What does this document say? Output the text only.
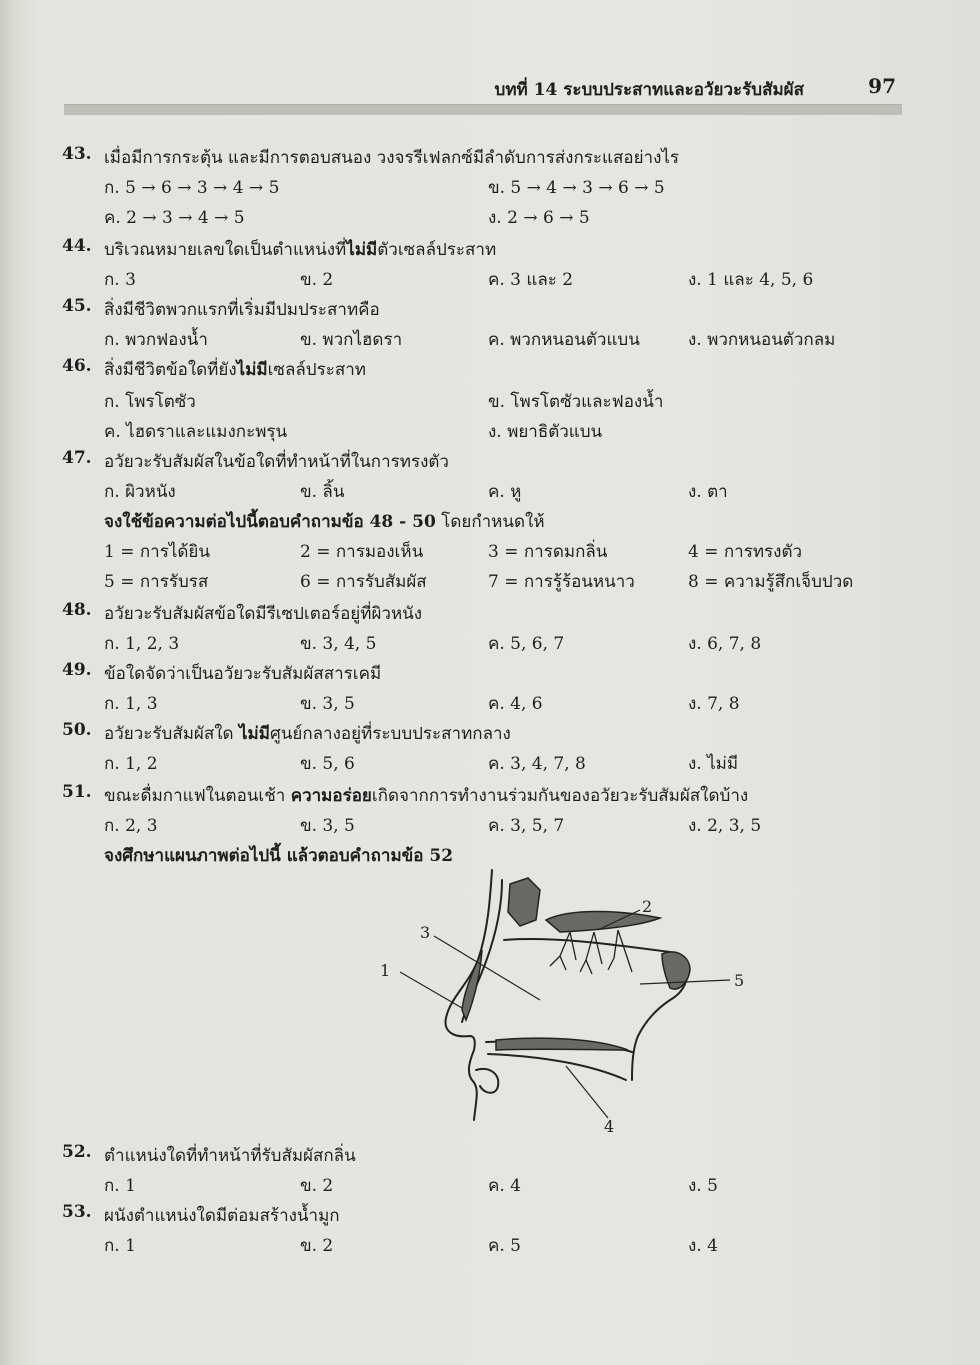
บทที่ 14 ระบบประสาทและอวัยวะรับสัมผัส	97
43. เมื่อมีการกระตุ้น และมีการตอบสนอง วงจรรีเฟลกซ์มีลำดับการส่งกระแสอย่างไร
ก. 5 → 6 → 3 → 4 → 5	ข. 5 → 4 → 3 → 6 → 5
ค. 2 → 3 → 4 → 5	ง. 2 → 6 → 5
44. บริเวณหมายเลขใดเป็นตำแหน่งที่ไม่มีตัวเซลล์ประสาท
ก. 3	ข. 2	ค. 3 และ 2	ง. 1 และ 4, 5, 6
45. สิ่งมีชีวิตพวกแรกที่เริ่มมีปมประสาทคือ
ก. พวกฟองน้ำ	ข. พวกไฮดรา	ค. พวกหนอนตัวแบน	ง. พวกหนอนตัวกลม
46. สิ่งมีชีวิตข้อใดที่ยังไม่มีเซลล์ประสาท
ก. โพรโตซัว	ข. โพรโตซัวและฟองน้ำ
ค. ไฮดราและแมงกะพรุน	ง. พยาธิตัวแบน
47. อวัยวะรับสัมผัสในข้อใดที่ทำหน้าที่ในการทรงตัว
ก. ผิวหนัง	ข. ลิ้น	ค. หู	ง. ตา
จงใช้ข้อความต่อไปนี้ตอบคำถามข้อ 48 - 50 โดยกำหนดให้
1 = การได้ยิน	2 = การมองเห็น	3 = การดมกลิ่น	4 = การทรงตัว
5 = การรับรส	6 = การรับสัมผัส	7 = การรู้ร้อนหนาว	8 = ความรู้สึกเจ็บปวด
48. อวัยวะรับสัมผัสข้อใดมีรีเซปเตอร์อยู่ที่ผิวหนัง
ก. 1, 2, 3	ข. 3, 4, 5	ค. 5, 6, 7	ง. 6, 7, 8
49. ข้อใดจัดว่าเป็นอวัยวะรับสัมผัสสารเคมี
ก. 1, 3	ข. 3, 5	ค. 4, 6	ง. 7, 8
50. อวัยวะรับสัมผัสใด ไม่มีศูนย์กลางอยู่ที่ระบบประสาทกลาง
ก. 1, 2	ข. 5, 6	ค. 3, 4, 7, 8	ง. ไม่มี
51. ขณะดื่มกาแฟในตอนเช้า ความอร่อยเกิดจากการทำงานร่วมกันของอวัยวะรับสัมผัสใดบ้าง
ก. 2, 3	ข. 3, 5	ค. 3, 5, 7	ง. 2, 3, 5
จงศึกษาแผนภาพต่อไปนี้ แล้วตอบคำถามข้อ 52
1
2
3
4
5
52. ตำแหน่งใดที่ทำหน้าที่รับสัมผัสกลิ่น
ก. 1	ข. 2	ค. 4	ง. 5
53. ผนังตำแหน่งใดมีต่อมสร้างน้ำมูก
ก. 1	ข. 2	ค. 5	ง. 4
